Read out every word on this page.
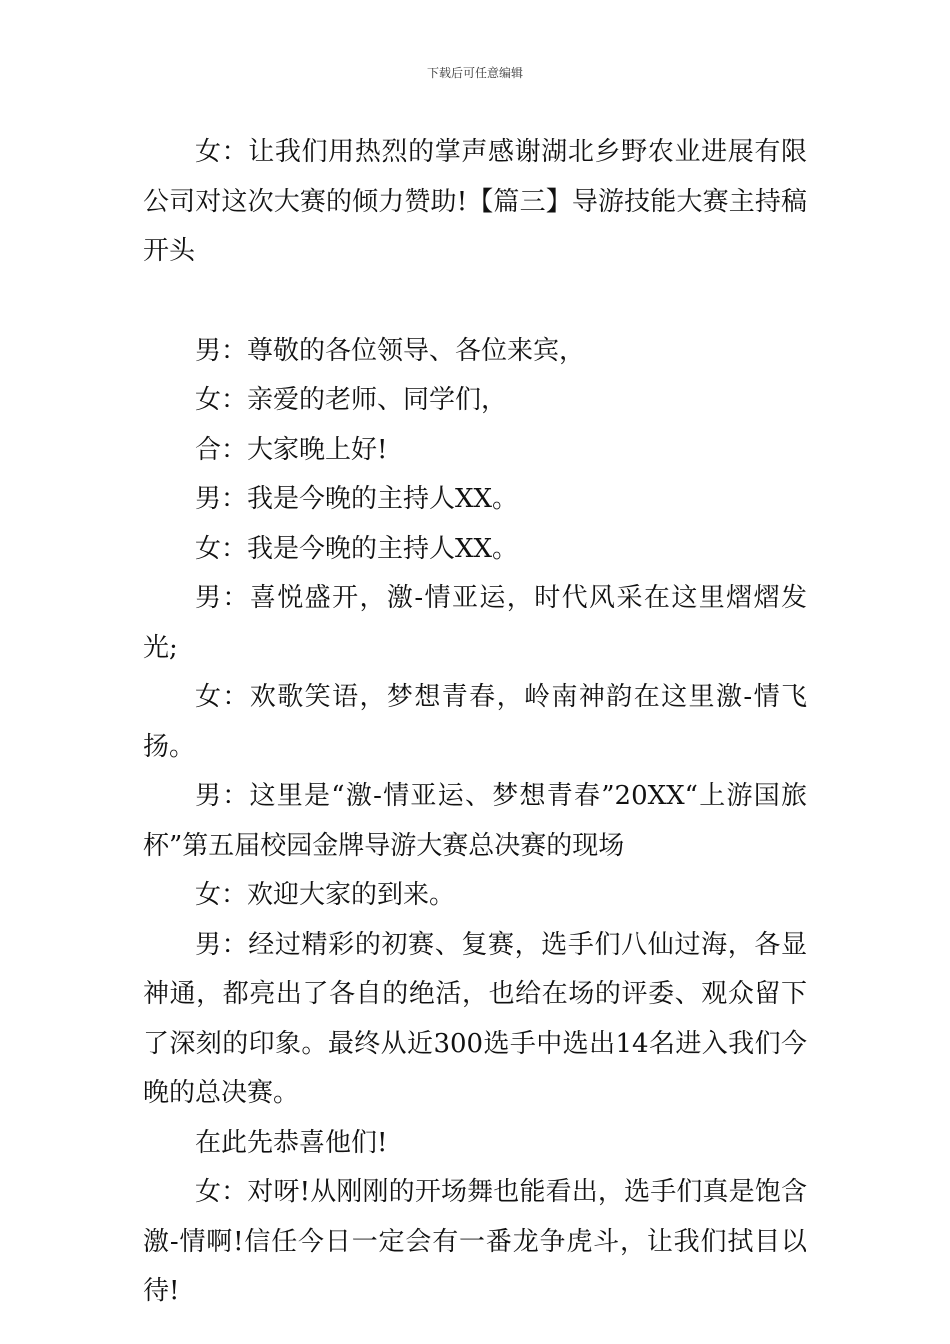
下载后可任意编辑

女：让我们用热烈的掌声感谢湖北乡野农业进展有限公司对这次大赛的倾力赞助!【篇三】导游技能大赛主持稿开头

男：尊敬的各位领导、各位来宾，

女：亲爱的老师、同学们，

合：大家晚上好!

男：我是今晚的主持人XX。

女：我是今晚的主持人XX。

男：喜悦盛开，激-情亚运，时代风采在这里熠熠发光;

女：欢歌笑语，梦想青春，岭南神韵在这里激-情飞扬。

男：这里是“激-情亚运、梦想青春”20XX“上游国旅杯”第五届校园金牌导游大赛总决赛的现场

女：欢迎大家的到来。

男：经过精彩的初赛、复赛，选手们八仙过海，各显神通，都亮出了各自的绝活，也给在场的评委、观众留下了深刻的印象。最终从近300选手中选出14名进入我们今晚的总决赛。

在此先恭喜他们!

女：对呀!从刚刚的开场舞也能看出，选手们真是饱含激-情啊!信任今日一定会有一番龙争虎斗，让我们拭目以待!
